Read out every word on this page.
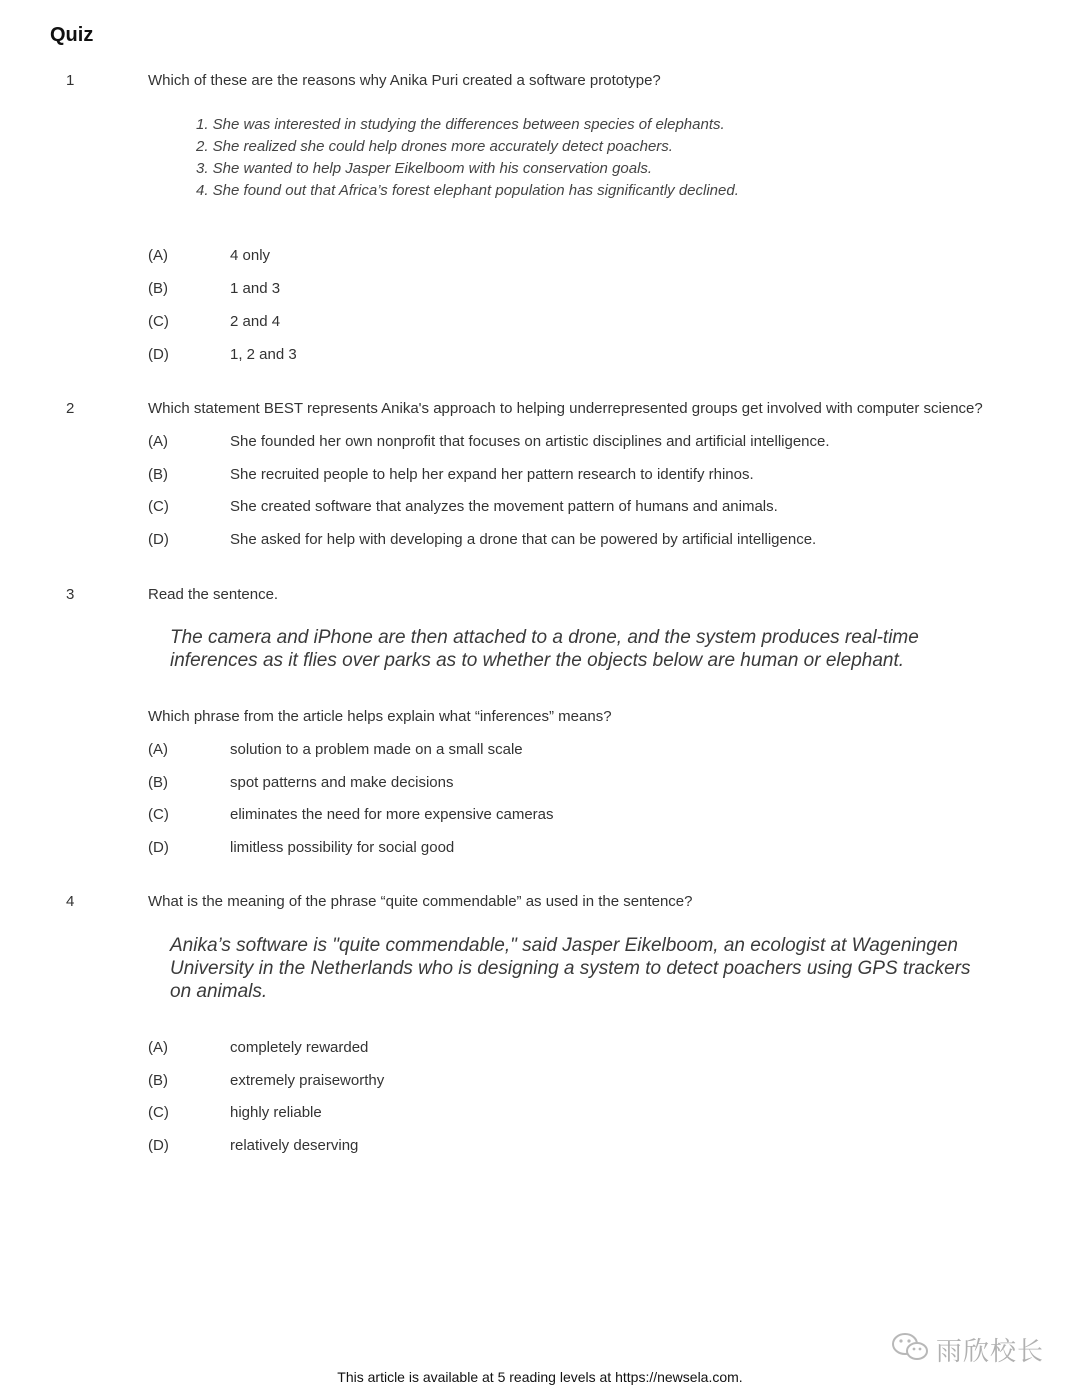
Quiz
1	Which of these are the reasons why Anika Puri created a software prototype?
1. She was interested in studying the differences between species of elephants.
2. She realized she could help drones more accurately detect poachers.
3. She wanted to help Jasper Eikelboom with his conservation goals.
4. She found out that Africa’s forest elephant population has significantly declined.
(A)	4 only
(B)	1 and 3
(C)	2 and 4
(D)	1, 2 and 3
2	Which statement BEST represents Anika's approach to helping underrepresented groups get involved with computer science?
(A)	She founded her own nonprofit that focuses on artistic disciplines and artificial intelligence.
(B)	She recruited people to help her expand her pattern research to identify rhinos.
(C)	She created software that analyzes the movement pattern of humans and animals.
(D)	She asked for help with developing a drone that can be powered by artificial intelligence.
3	Read the sentence.
The camera and iPhone are then attached to a drone, and the system produces real-time
inferences as it flies over parks as to whether the objects below are human or elephant.
Which phrase from the article helps explain what “inferences” means?
(A)	solution to a problem made on a small scale
(B)	spot patterns and make decisions
(C)	eliminates the need for more expensive cameras
(D)	limitless possibility for social good
4	What is the meaning of the phrase “quite commendable” as used in the sentence?
Anika’s software is "quite commendable," said Jasper Eikelboom, an ecologist at Wageningen
University in the Netherlands who is designing a system to detect poachers using GPS trackers
on animals.
(A)	completely rewarded
(B)	extremely praiseworthy
(C)	highly reliable
(D)	relatively deserving
雨欣校长
This article is available at 5 reading levels at https://newsela.com.
